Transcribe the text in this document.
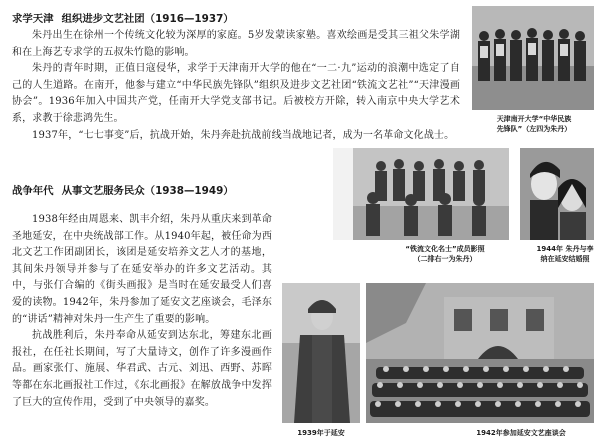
求学天津 组织进步文艺社团（1916—1937）

朱丹出生在徐州一个传统文化较为深厚的家庭。5岁发蒙读家塾。喜欢绘画是受其三祖父朱学湖和在上海艺专求学的五叔朱竹隐的影响。

朱丹的青年时期，正值日寇侵华，求学于天津南开大学的他在“一二·九”运动的浪潮中选定了自己的人生道路。在南开，他参与建立“中华民族先锋队”组织及进步文艺社团“铁流文艺社”“天津漫画协会”。1936年加入中国共产党，任南开大学党支部书记。后被校方开除，转入南京中央大学艺术系，求教于徐悲鸿先生。

1937年，“七七事变”后，抗战开始，朱丹奔赴抗战前线当战地记者，成为一名革命文化战士。

天津南开大学“中华民族
先锋队”（左四为朱丹）
“铁流文化名士”成员影照
（二排右一为朱丹）
1944年 朱丹与李
纳在延安结婚照
战争年代 从事文艺服务民众（1938—1949）

1938年经由周恩来、凯丰介绍，朱丹从重庆来到革命圣地延安，在中央统战部工作。从1940年起，被任命为西北文艺工作团副团长，该团是延安培养文艺人才的基地，其间朱丹领导并参与了在延安举办的许多文艺活动。其中，与张仃合编的《街头画报》是当时在延安最受人们喜爱的读物。1942年，朱丹参加了延安文艺座谈会，毛泽东的“讲话”精神对朱丹一生产生了重要的影响。

抗战胜利后，朱丹奉命从延安到达东北，筹建东北画报社，在任社长期间，写了大量诗文，创作了许多漫画作品。画家张仃、施展、华君武、古元、刘迅、西野、苏晖等都在东北画报社工作过，《东北画报》在解放战争中发挥了巨大的宣传作用，受到了中央领导的嘉奖。

1939年于延安	1942年参加延安文艺座谈会
